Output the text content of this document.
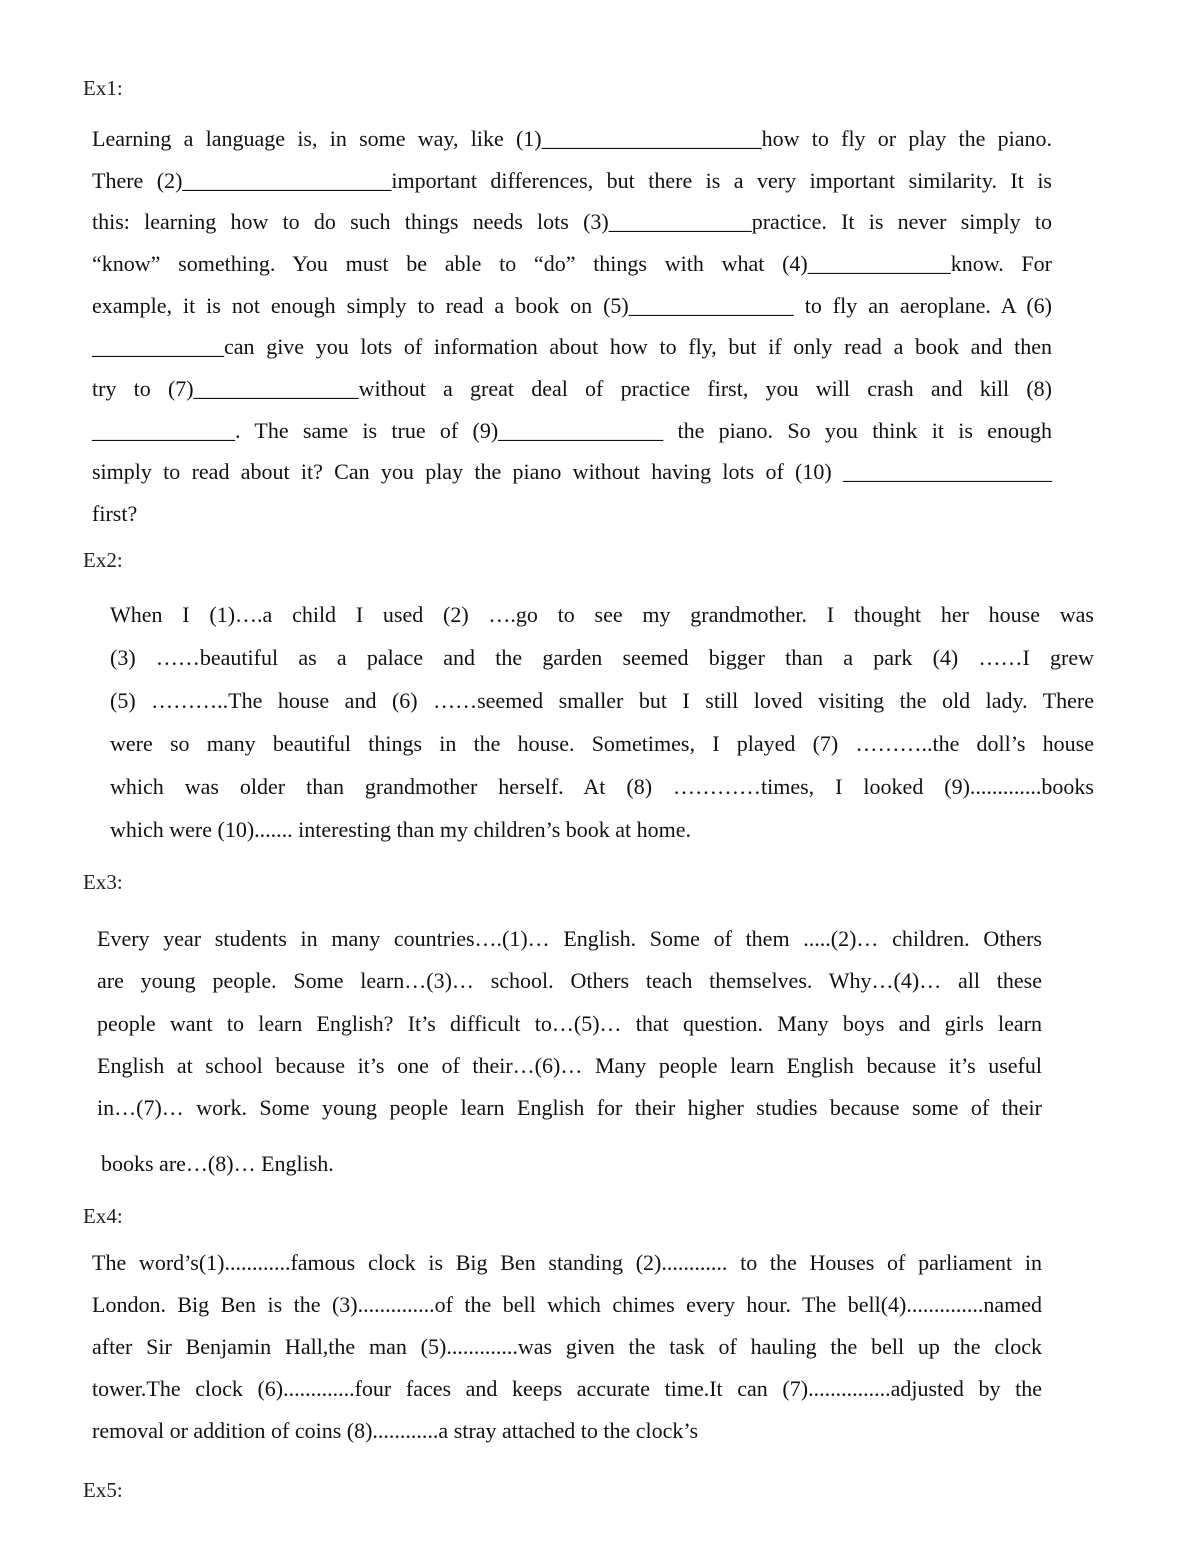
Ex1:
Learning a language is, in some way, like (1)____________________how to fly or play the piano.
There (2)___________________important differences, but there is a very important similarity. It is
this: learning how to do such things needs lots (3)_____________practice. It is never simply to
“know” something. You must be able to “do” things with what (4)_____________know. For
example, it is not enough simply to read a book on (5)_______________ to fly an aeroplane. A (6)
____________can give you lots of information about how to fly, but if only read a book and then
try to (7)_______________without a great deal of practice first, you will crash and kill (8)
_____________. The same is true of (9)_______________ the piano. So you think it is enough
simply to read about it? Can you play the piano without having lots of (10) ___________________
first?
Ex2:
When I (1)….a child I used (2) ….go to see my grandmother. I thought her house was
(3) ……beautiful as a palace and the garden seemed bigger than a park (4) ……I grew
(5) ………..The house and (6) ……seemed smaller but I still loved visiting the old lady. There
were so many beautiful things in the house. Sometimes, I played (7) ………..the doll’s house
which was older than grandmother herself. At (8) …………times, I looked (9).............books
which were (10)....... interesting than my children’s book at home.
Ex3:
Every year students in many countries….(1)… English. Some of them .....(2)… children. Others
are young people. Some learn…(3)… school. Others teach themselves. Why…(4)… all these
people want to learn English? It’s difficult to…(5)… that question. Many boys and girls learn
English at school because it’s one of their…(6)… Many people learn English because it’s useful
in…(7)… work. Some young people learn English for their higher studies because some of their
books are…(8)… English.
Ex4:
The word’s(1)............famous clock is Big Ben standing (2)............ to the Houses of parliament in
London. Big Ben is the (3)..............of the bell which chimes every hour. The bell(4)..............named
after Sir Benjamin Hall,the man (5).............was given the task of hauling the bell up the clock
tower.The clock (6).............four faces and keeps accurate time.It can (7)...............adjusted by the
removal or addition of coins (8)............a stray attached to the clock’s
Ex5:
